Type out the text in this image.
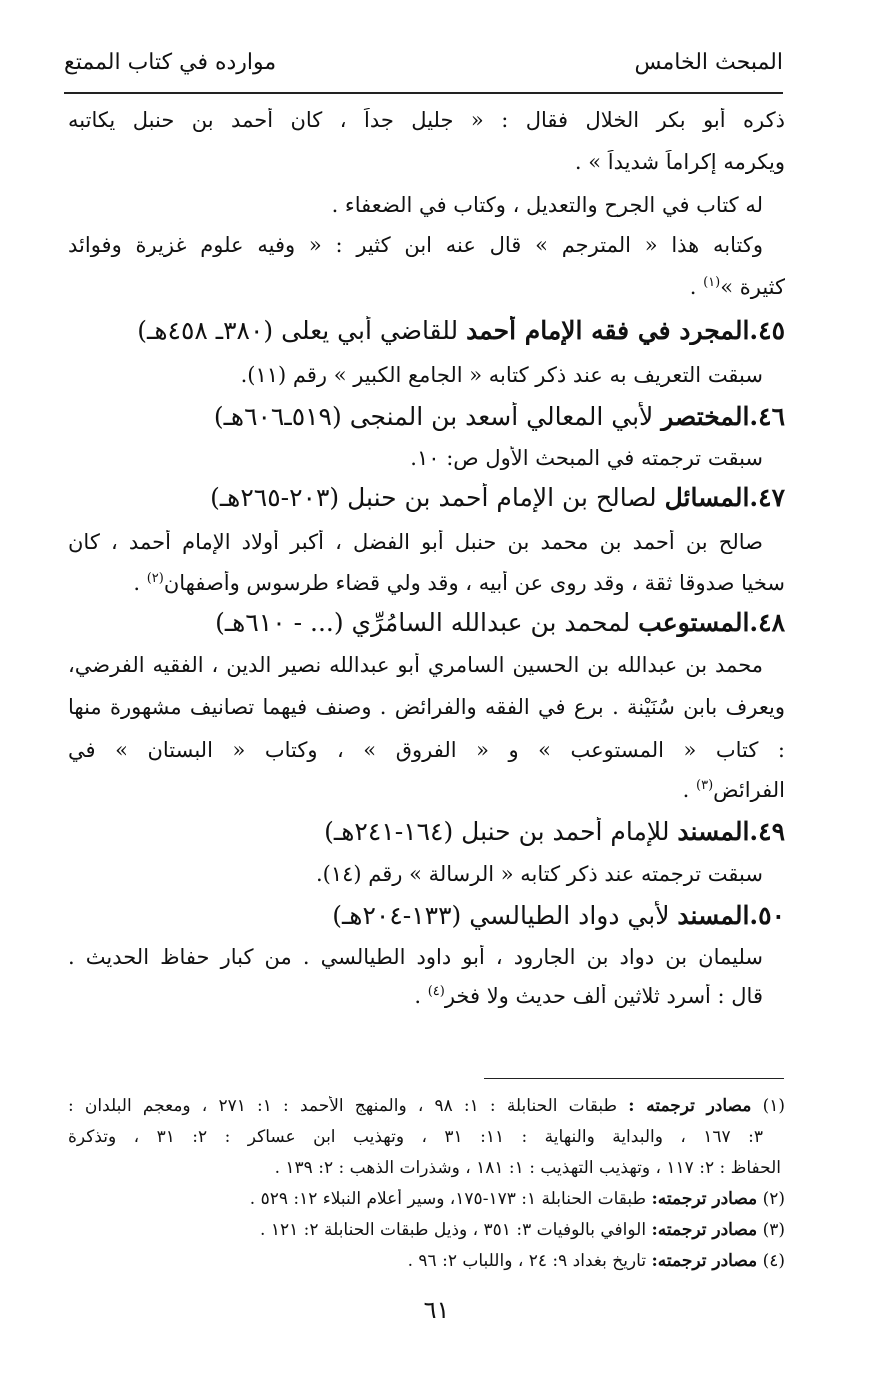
المبحث الخامس
موارده في كتاب الممتع
ذكره أبو بكر الخلال فقال : « جليل جداً ، كان أحمد بن حنبل يكاتبه
ويكرمه إكراماً شديداً » .
له كتاب في الجرح والتعديل ، وكتاب في الضعفاء .
وكتابه هذا « المترجم » قال عنه ابن كثير : « وفيه علوم غزيرة وفوائد
كثيرة »$^{(١)}$ .
٤٥.المجرد في فقه الإمام أحمد للقاضي أبي يعلى (٣٨٠ـ ٤٥٨هـ)
سبقت التعريف به عند ذكر كتابه « الجامع الكبير » رقم (١١).
٤٦.المختصر لأبي المعالي أسعد بن المنجى (٥١٩ـ٦٠٦هـ)
سبقت ترجمته في المبحث الأول ص: ١٠.
٤٧.المسائل لصالح بن الإمام أحمد بن حنبل (٢٠٣-٢٦٥هـ)
صالح بن أحمد بن محمد بن حنبل أبو الفضل ، أكبر أولاد الإمام أحمد ، كان
سخيا صدوقا ثقة ، وقد روى عن أبيه ، وقد ولي قضاء طرسوس وأصفهان$^{(٢)}$ .
٤٨.المستوعب لمحمد بن عبدالله السامُرِّي (... - ٦١٠هـ)
محمد بن عبدالله بن الحسين السامري أبو عبدالله نصير الدين ، الفقيه الفرضي،
ويعرف بابن سُنَيْنة . برع في الفقه والفرائض . وصنف فيهما تصانيف مشهورة منها
: كتاب « المستوعب » و « الفروق » ، وكتاب « البستان » في
الفرائض$^{(٣)}$ .
٤٩.المسند للإمام أحمد بن حنبل (١٦٤-٢٤١هـ)
سبقت ترجمته عند ذكر كتابه « الرسالة » رقم (١٤).
٥٠.المسند لأبي دواد الطيالسي (١٣٣-٢٠٤هـ)
سليمان بن دواد بن الجارود ، أبو داود الطيالسي . من كبار حفاظ الحديث .
قال : أسرد ثلاثين ألف حديث ولا فخر$^{(٤)}$ .
(١) مصادر ترجمته : طبقات الحنابلة : ١: ٩٨ ، والمنهج الأحمد : ١: ٢٧١ ، ومعجم البلدان :
٣: ١٦٧ ، والبداية والنهاية : ١١: ٣١ ، وتهذيب ابن عساكر : ٢: ٣١ ، وتذكرة
الحفاظ : ٢: ١١٧ ، وتهذيب التهذيب : ١: ١٨١ ، وشذرات الذهب : ٢: ١٣٩ .
(٢) مصادر ترجمته: طبقات الحنابلة ١: ١٧٣-١٧٥، وسير أعلام النبلاء ١٢: ٥٢٩ .
(٣) مصادر ترجمته: الوافي بالوفيات ٣: ٣٥١ ، وذيل طبقات الحنابلة ٢: ١٢١ .
(٤) مصادر ترجمته: تاريخ بغداد ٩: ٢٤ ، واللباب ٢: ٩٦ .
٦١
